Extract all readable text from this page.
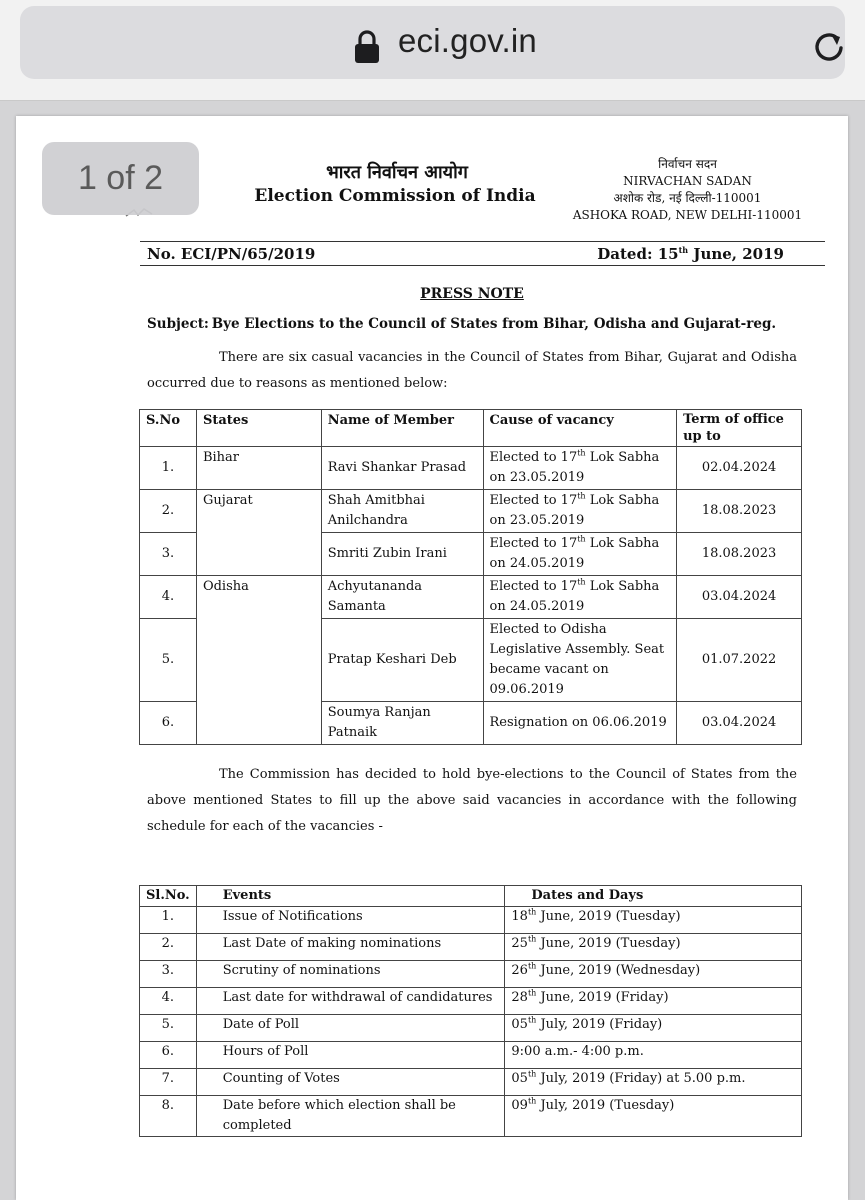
eci.gov.in
1 of 2	भारत निर्वाचन आयोग
Election Commission of India
निर्वाचन सदन
NIRVACHAN SADAN
अशोक रोड, नई दिल्ली-110001
ASHOKA ROAD, NEW DELHI-110001
No. ECI/PN/65/2019	Dated: 15th June, 2019
PRESS NOTE
Subject: Bye Elections to the Council of States from Bihar, Odisha and Gujarat-reg.
There are six casual vacancies in the Council of States from Bihar, Gujarat and Odisha occurred due to reasons as mentioned below:
S.No	States	Name of Member	Cause of vacancy	Term of office up to
1.	Bihar	Ravi Shankar Prasad	Elected to 17th Lok Sabha on 23.05.2019	02.04.2024
2.	Gujarat	Shah Amitbhai Anilchandra	Elected to 17th Lok Sabha on 23.05.2019	18.08.2023
3.		Smriti Zubin Irani	Elected to 17th Lok Sabha on 24.05.2019	18.08.2023
4.	Odisha	Achyutananda Samanta	Elected to 17th Lok Sabha on 24.05.2019	03.04.2024
5.		Pratap Keshari Deb	Elected to Odisha Legislative Assembly. Seat became vacant on 09.06.2019	01.07.2022
6.		Soumya Ranjan Patnaik	Resignation on 06.06.2019	03.04.2024
The Commission has decided to hold bye-elections to the Council of States from the above mentioned States to fill up the above said vacancies in accordance with the following schedule for each of the vacancies -
Sl.No.	Events	Dates and Days
1.	Issue of Notifications	18th June, 2019 (Tuesday)
2.	Last Date of making nominations	25th June, 2019 (Tuesday)
3.	Scrutiny of nominations	26th June, 2019 (Wednesday)
4.	Last date for withdrawal of candidatures	28th June, 2019 (Friday)
5.	Date of Poll	05th July, 2019 (Friday)
6.	Hours of Poll	9:00 a.m.- 4:00 p.m.
7.	Counting of Votes	05th July, 2019 (Friday) at 5.00 p.m.
8.	Date before which election shall be completed	09th July, 2019 (Tuesday)
